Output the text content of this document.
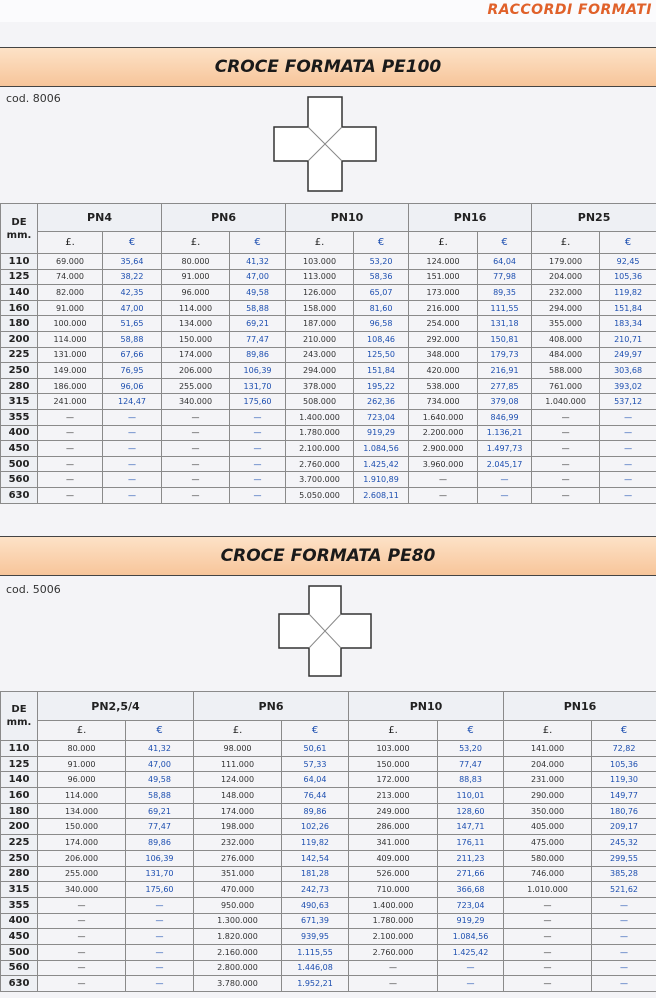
RACCORDI FORMATI
CROCE FORMATA PE100
cod. 8006
DE
mm.	PN4		PN6		PN10		PN16		PN25	
	£.	€	£.	€	£.	€	£.	€	£.	€
110	69.000	35,64	80.000	41,32	103.000	53,20	124.000	64,04	179.000	92,45
125	74.000	38,22	91.000	47,00	113.000	58,36	151.000	77,98	204.000	105,36
140	82.000	42,35	96.000	49,58	126.000	65,07	173.000	89,35	232.000	119,82
160	91.000	47,00	114.000	58,88	158.000	81,60	216.000	111,55	294.000	151,84
180	100.000	51,65	134.000	69,21	187.000	96,58	254.000	131,18	355.000	183,34
200	114.000	58,88	150.000	77,47	210.000	108,46	292.000	150,81	408.000	210,71
225	131.000	67,66	174.000	89,86	243.000	125,50	348.000	179,73	484.000	249,97
250	149.000	76,95	206.000	106,39	294.000	151,84	420.000	216,91	588.000	303,68
280	186.000	96,06	255.000	131,70	378.000	195,22	538.000	277,85	761.000	393,02
315	241.000	124,47	340.000	175,60	508.000	262,36	734.000	379,08	1.040.000	537,12
355	—	—	—	—	1.400.000	723,04	1.640.000	846,99	—	—
400	—	—	—	—	1.780.000	919,29	2.200.000	1.136,21	—	—
450	—	—	—	—	2.100.000	1.084,56	2.900.000	1.497,73	—	—
500	—	—	—	—	2.760.000	1.425,42	3.960.000	2.045,17	—	—
560	—	—	—	—	3.700.000	1.910,89	—	—	—	—
630	—	—	—	—	5.050.000	2.608,11	—	—	—	—
CROCE FORMATA PE80
cod. 5006
DE
mm.	PN2,5/4		PN6		PN10		PN16	
	£.	€	£.	€	£.	€	£.	€
110	80.000	41,32	98.000	50,61	103.000	53,20	141.000	72,82
125	91.000	47,00	111.000	57,33	150.000	77,47	204.000	105,36
140	96.000	49,58	124.000	64,04	172.000	88,83	231.000	119,30
160	114.000	58,88	148.000	76,44	213.000	110,01	290.000	149,77
180	134.000	69,21	174.000	89,86	249.000	128,60	350.000	180,76
200	150.000	77,47	198.000	102,26	286.000	147,71	405.000	209,17
225	174.000	89,86	232.000	119,82	341.000	176,11	475.000	245,32
250	206.000	106,39	276.000	142,54	409.000	211,23	580.000	299,55
280	255.000	131,70	351.000	181,28	526.000	271,66	746.000	385,28
315	340.000	175,60	470.000	242,73	710.000	366,68	1.010.000	521,62
355	—	—	950.000	490,63	1.400.000	723,04	—	—
400	—	—	1.300.000	671,39	1.780.000	919,29	—	—
450	—	—	1.820.000	939,95	2.100.000	1.084,56	—	—
500	—	—	2.160.000	1.115,55	2.760.000	1.425,42	—	—
560	—	—	2.800.000	1.446,08	—	—	—	—
630	—	—	3.780.000	1.952,21	—	—	—	—
